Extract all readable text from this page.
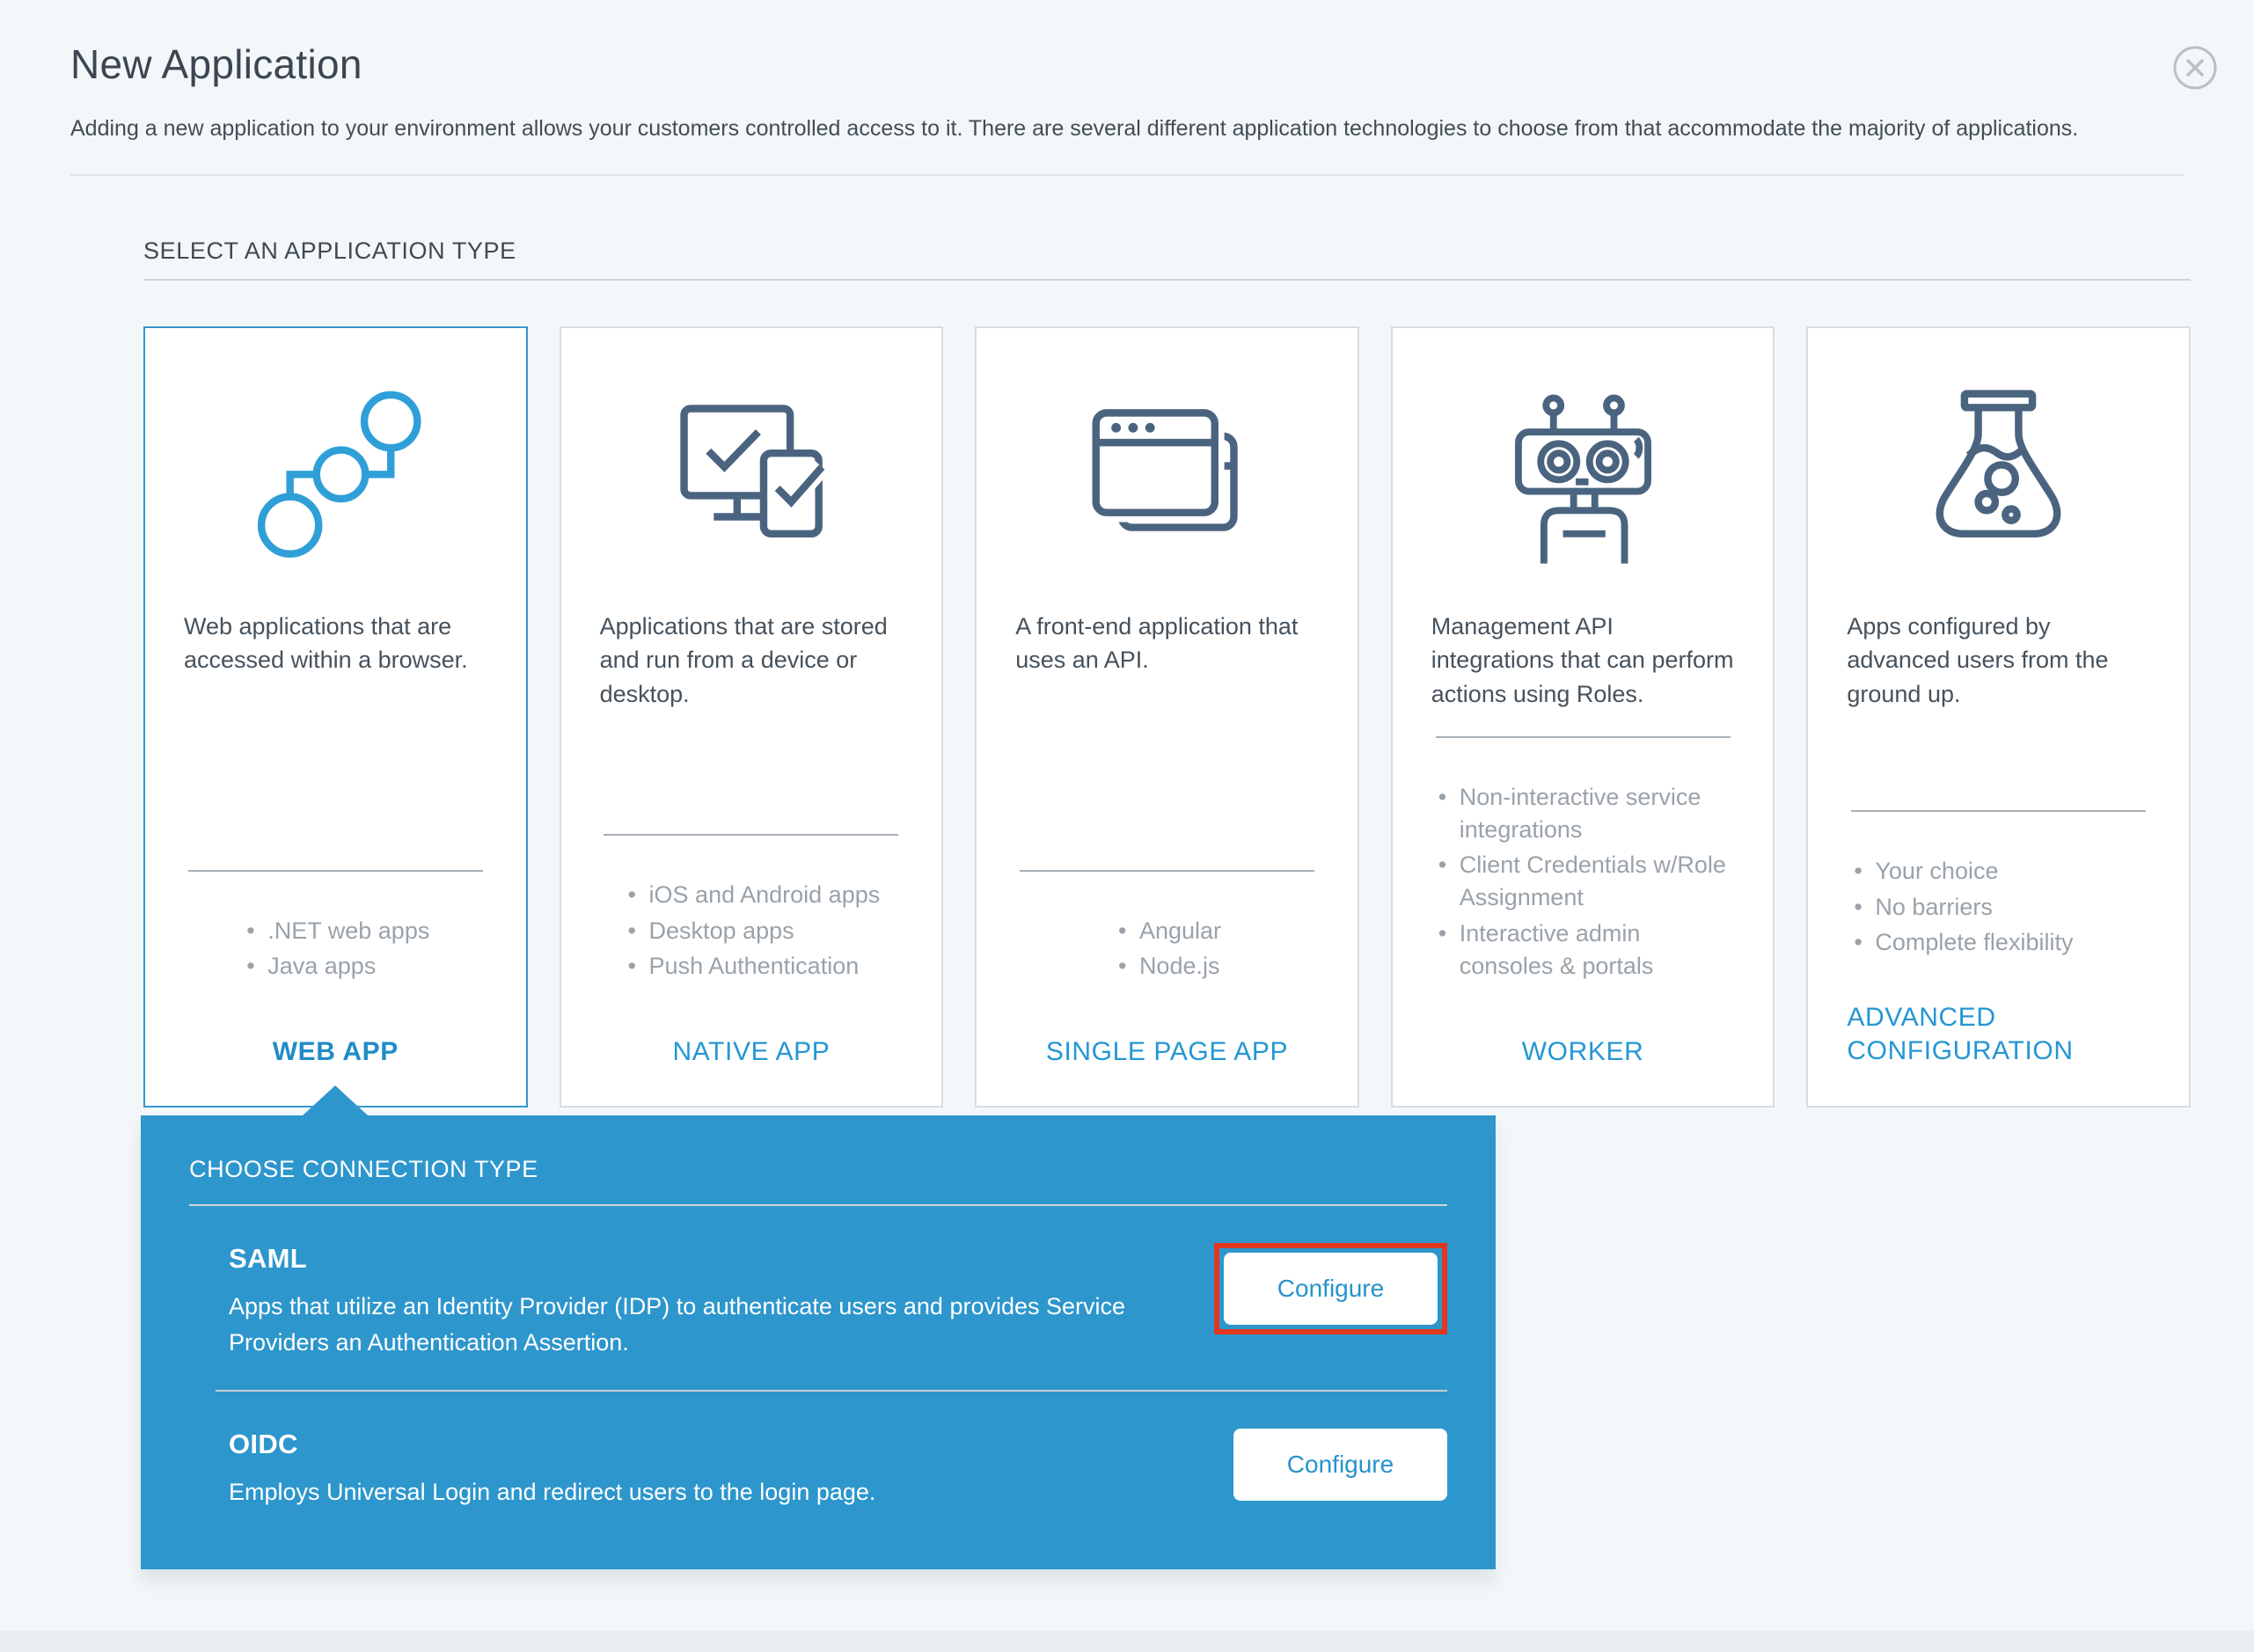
New Application

Adding a new application to your environment allows your customers controlled access to it. There are several different application technologies to choose from that accommodate the majority of applications.

SELECT AN APPLICATION TYPE
Web applications that are accessed within a browser.
• .NET web apps
• Java apps
WEB APP
Applications that are stored and run from a device or desktop.
• iOS and Android apps
• Desktop apps
• Push Authentication
NATIVE APP
A front-end application that uses an API.
• Angular
• Node.js
SINGLE PAGE APP
Management API integrations that can perform actions using Roles.
• Non-interactive service integrations
• Client Credentials w/Role Assignment
• Interactive admin consoles & portals
WORKER
Apps configured by advanced users from the ground up.
• Your choice
• No barriers
• Complete flexibility
ADVANCED CONFIGURATION
CHOOSE CONNECTION TYPE
SAML

Apps that utilize an Identity Provider (IDP) to authenticate users and provides Service Providers an Authentication Assertion.

Configure
OIDC

Employs Universal Login and redirect users to the login page.

Configure
